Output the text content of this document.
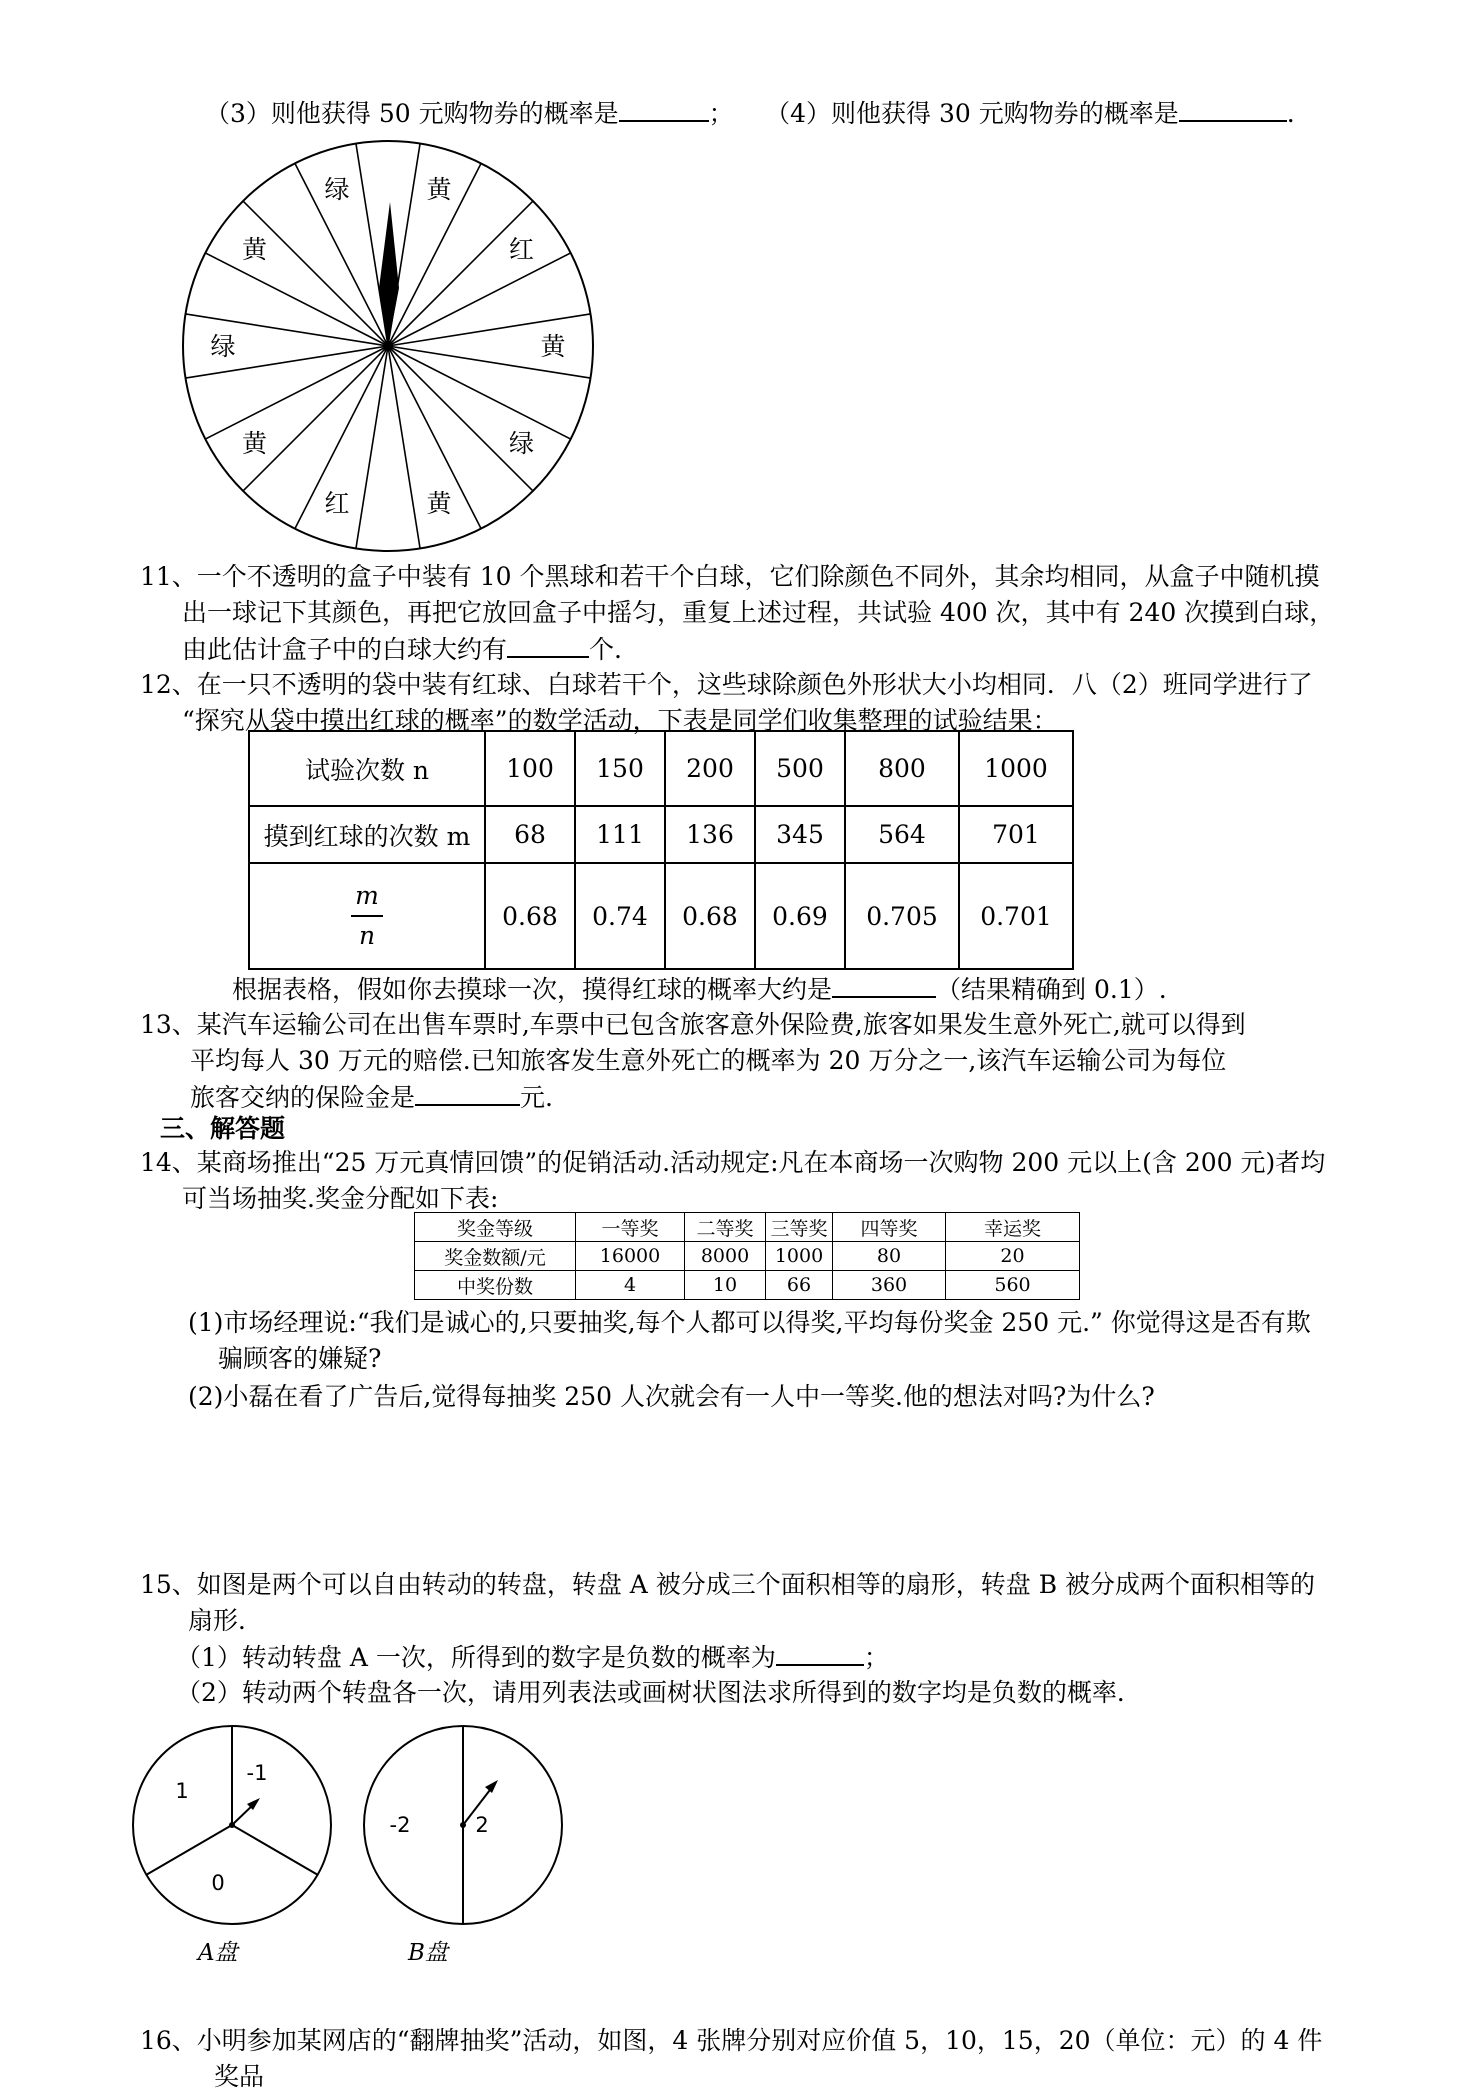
（3）则他获得 50 元购物券的概率是	； （4）则他获得 30 元购物券的概率是	.
绿
黄
绿	黄
红
黄
绿
黄
红
黄
11、一个不透明的盒子中装有 10 个黑球和若干个白球，它们除颜色不同外，其余均相同，从盒子中随机摸
出一球记下其颜色，再把它放回盒子中摇匀，重复上述过程，共试验 400 次，其中有 240 次摸到白球，
由此估计盒子中的白球大约有	个.
12、在一只不透明的袋中装有红球、白球若干个，这些球除颜色外形状大小均相同．八（2）班同学进行了
“探究从袋中摸出红球的概率”的数学活动，下表是同学们收集整理的试验结果：
试验次数 n	100	150	200	500	800	1000
摸到红球的次数 m	68	111	136	345	564	701

$\frac{m}{n}$	0.68	0.74	0.68	0.69	0.705	0.701
根据表格，假如你去摸球一次，摸得红球的概率大约是	（结果精确到 0.1）.
13、某汽车运输公司在出售车票时,车票中已包含旅客意外保险费,旅客如果发生意外死亡,就可以得到
平均每人 30 万元的赔偿.已知旅客发生意外死亡的概率为 20 万分之一,该汽车运输公司为每位
旅客交纳的保险金是	元.
三、解答题
14、某商场推出“25 万元真情回馈”的促销活动.活动规定:凡在本商场一次购物 200 元以上(含 200 元)者均
可当场抽奖.奖金分配如下表:
奖金等级	一等奖	二等奖	三等奖	四等奖	幸运奖
奖金数额/元	16000	8000	1000	80	20
中奖份数	4	10	66	360	560
(1)市场经理说:“我们是诚心的,只要抽奖,每个人都可以得奖,平均每份奖金 250 元.” 你觉得这是否有欺
骗顾客的嫌疑?
(2)小磊在看了广告后,觉得每抽奖 250 人次就会有一人中一等奖.他的想法对吗?为什么?
15、如图是两个可以自由转动的转盘，转盘 A 被分成三个面积相等的扇形，转盘 B 被分成两个面积相等的
扇形．
（1）转动转盘 A 一次，所得到的数字是负数的概率为	；
（2）转动两个转盘各一次，请用列表法或画树状图法求所得到的数字均是负数的概率．
1
-1
0
A盘
-2	2
B盘
16、小明参加某网店的“翻牌抽奖”活动，如图，4 张牌分别对应价值 5，10，15，20（单位：元）的 4 件
奖品
